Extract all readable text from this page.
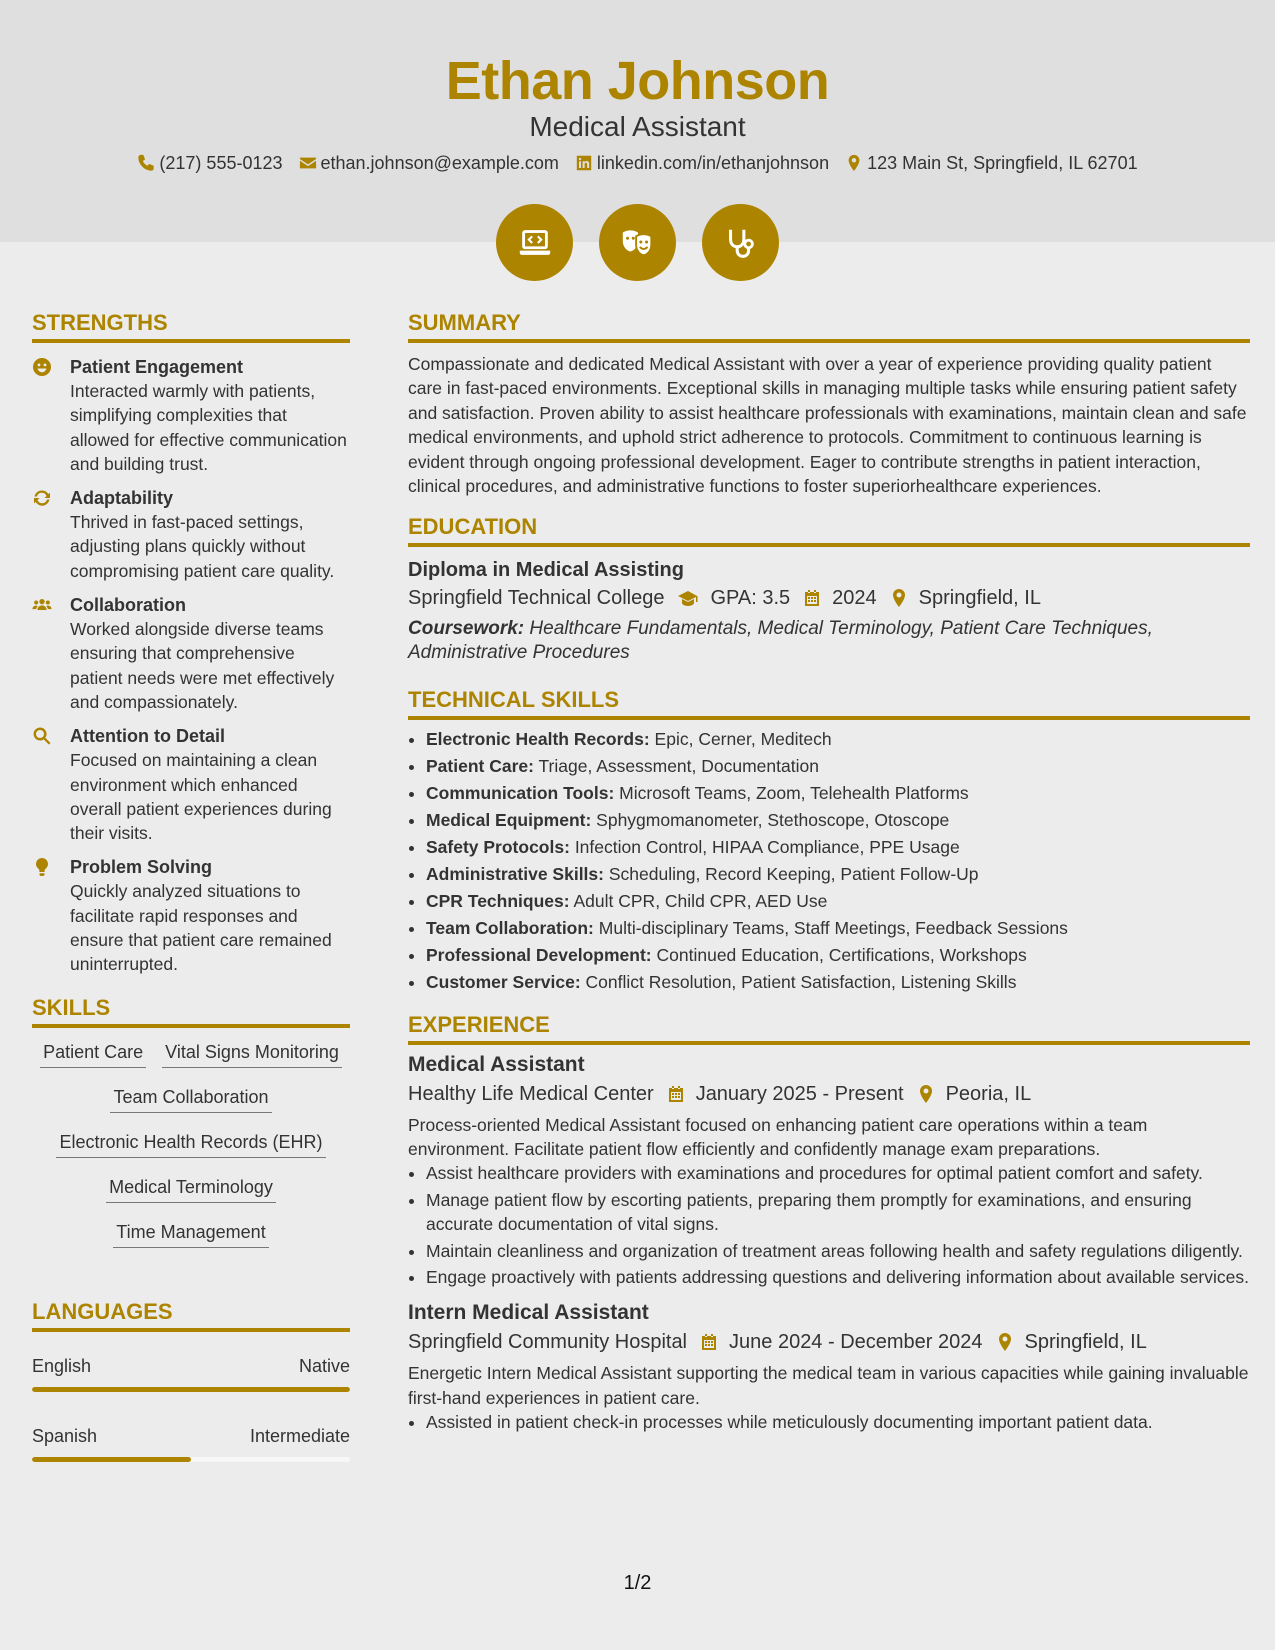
Ethan Johnson
Medical Assistant
(217) 555-0123 ethan.johnson@example.com linkedin.com/in/ethanjohnson 123 Main St, Springfield, IL 62701
STRENGTHS
Patient Engagement
Interacted warmly with patients, simplifying complexities that allowed for effective communication and building trust.
Adaptability
Thrived in fast-paced settings, adjusting plans quickly without compromising patient care quality.
Collaboration
Worked alongside diverse teams ensuring that comprehensive patient needs were met effectively and compassionately.
Attention to Detail
Focused on maintaining a clean environment which enhanced overall patient experiences during their visits.
Problem Solving
Quickly analyzed situations to facilitate rapid responses and ensure that patient care remained uninterrupted.
SKILLS
Patient Care Vital Signs Monitoring
Team Collaboration
Electronic Health Records (EHR)
Medical Terminology
Time Management
LANGUAGES
English	Native
Spanish	Intermediate
SUMMARY

Compassionate and dedicated Medical Assistant with over a year of experience providing quality patient care in fast-paced environments. Exceptional skills in managing multiple tasks while ensuring patient safety and satisfaction. Proven ability to assist healthcare professionals with examinations, maintain clean and safe medical environments, and uphold strict adherence to protocols. Commitment to continuous learning is evident through ongoing professional development. Eager to contribute strengths in patient interaction, clinical procedures, and administrative functions to foster superiorhealthcare experiences.

EDUCATION
Diploma in Medical Assisting
Springfield Technical College GPA: 3.5 2024 Springfield, IL
Coursework: Healthcare Fundamentals, Medical Terminology, Patient Care Techniques, Administrative Procedures
TECHNICAL SKILLS
• Electronic Health Records: Epic, Cerner, Meditech
• Patient Care: Triage, Assessment, Documentation
• Communication Tools: Microsoft Teams, Zoom, Telehealth Platforms
• Medical Equipment: Sphygmomanometer, Stethoscope, Otoscope
• Safety Protocols: Infection Control, HIPAA Compliance, PPE Usage
• Administrative Skills: Scheduling, Record Keeping, Patient Follow-Up
• CPR Techniques: Adult CPR, Child CPR, AED Use
• Team Collaboration: Multi-disciplinary Teams, Staff Meetings, Feedback Sessions
• Professional Development: Continued Education, Certifications, Workshops
• Customer Service: Conflict Resolution, Patient Satisfaction, Listening Skills
EXPERIENCE
Medical Assistant
Healthy Life Medical Center January 2025 - Present Peoria, IL

Process-oriented Medical Assistant focused on enhancing patient care operations within a team environment. Facilitate patient flow efficiently and confidently manage exam preparations.

• Assist healthcare providers with examinations and procedures for optimal patient comfort and safety.
• Manage patient flow by escorting patients, preparing them promptly for examinations, and ensuring accurate documentation of vital signs.
• Maintain cleanliness and organization of treatment areas following health and safety regulations diligently.
• Engage proactively with patients addressing questions and delivering information about available services.
Intern Medical Assistant
Springfield Community Hospital June 2024 - December 2024 Springfield, IL

Energetic Intern Medical Assistant supporting the medical team in various capacities while gaining invaluable first-hand experiences in patient care.

• Assisted in patient check-in processes while meticulously documenting important patient data.
1/2
